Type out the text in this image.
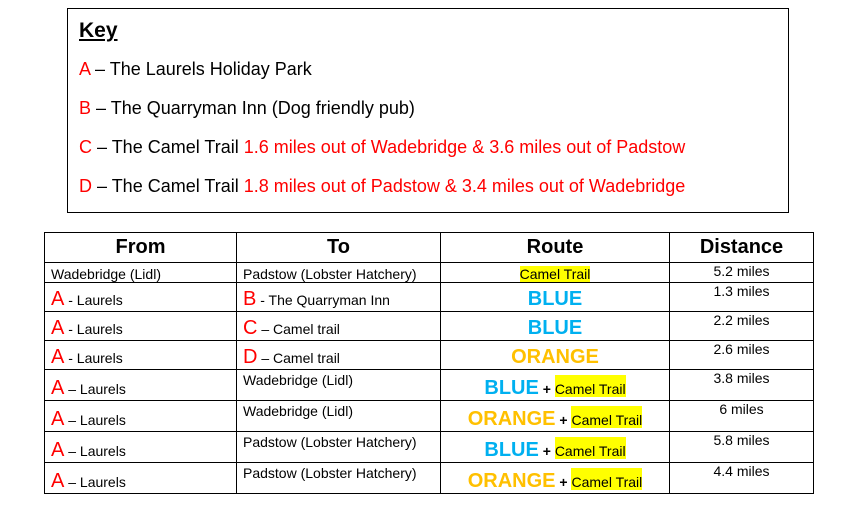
Key
A – The Laurels Holiday Park
B – The Quarryman Inn (Dog friendly pub)
C – The Camel Trail 1.6 miles out of Wadebridge & 3.6 miles out of Padstow
D – The Camel Trail 1.8 miles out of Padstow & 3.4 miles out of Wadebridge
From	To	Route	Distance
Wadebridge (Lidl)	Padstow (Lobster Hatchery)	Camel Trail	5.2 miles
A - Laurels	B - The Quarryman Inn	BLUE	1.3 miles
A - Laurels	C – Camel trail	BLUE	2.2 miles
A - Laurels	D – Camel trail	ORANGE	2.6 miles
A – Laurels	Wadebridge (Lidl)	BLUE + Camel Trail	3.8 miles
A – Laurels	Wadebridge (Lidl)	ORANGE + Camel Trail	6 miles
A – Laurels	Padstow (Lobster Hatchery)	BLUE + Camel Trail	5.8 miles
A – Laurels	Padstow (Lobster Hatchery)	ORANGE + Camel Trail	4.4 miles
